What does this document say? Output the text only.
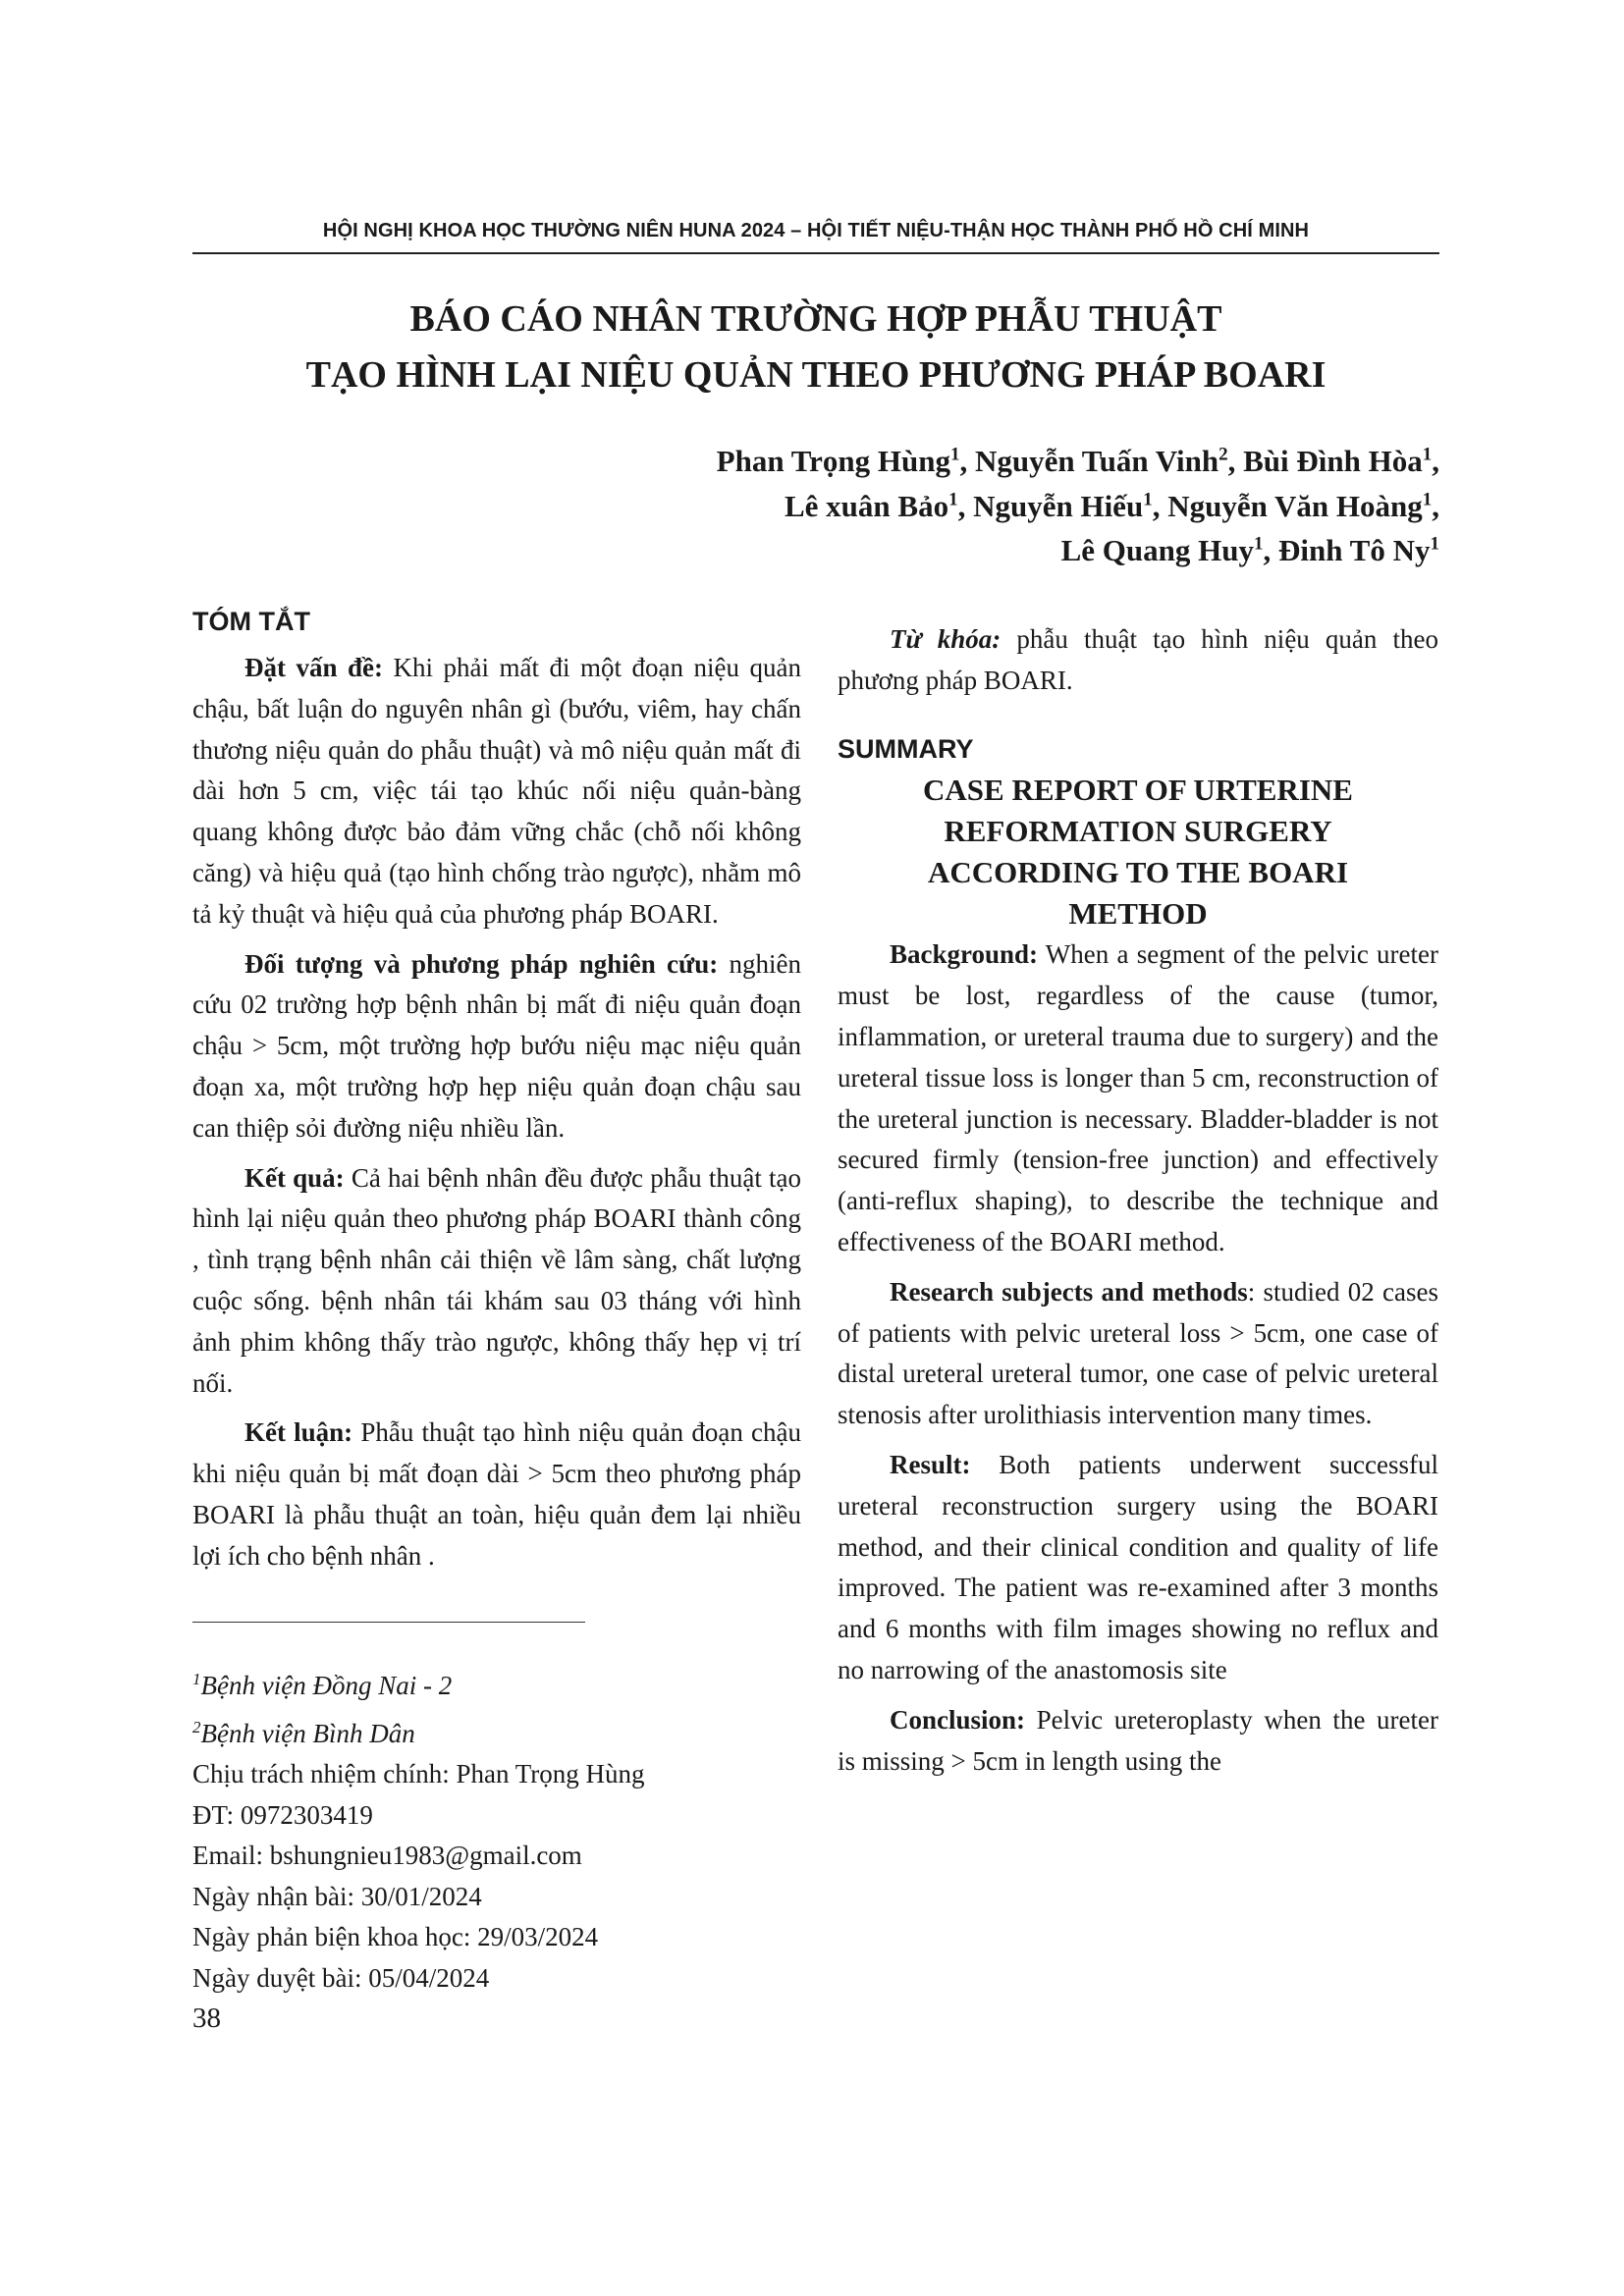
HỘI NGHỊ KHOA HỌC THƯỜNG NIÊN HUNA 2024 – HỘI TIẾT NIỆU-THẬN HỌC THÀNH PHỐ HỒ CHÍ MINH
BÁO CÁO NHÂN TRƯỜNG HỢP PHẪU THUẬT
TẠO HÌNH LẠI NIỆU QUẢN THEO PHƯƠNG PHÁP BOARI
Phan Trọng Hùng$^1$, Nguyễn Tuấn Vinh$^2$, Bùi Đình Hòa$^1$,
Lê xuân Bảo$^1$, Nguyễn Hiếu$^1$, Nguyễn Văn Hoàng$^1$,
Lê Quang Huy$^1$, Đinh Tô Ny$^1$
TÓM TẮT

Đặt vấn đề: Khi phải mất đi một đoạn niệu quản chậu, bất luận do nguyên nhân gì (bướu, viêm, hay chấn thương niệu quản do phẫu thuật) và mô niệu quản mất đi dài hơn 5 cm, việc tái tạo khúc nối niệu quản-bàng quang không được bảo đảm vững chắc (chỗ nối không căng) và hiệu quả (tạo hình chống trào ngược), nhằm mô tả kỷ thuật và hiệu quả của phương pháp BOARI.

Đối tượng và phương pháp nghiên cứu: nghiên cứu 02 trường hợp bệnh nhân bị mất đi niệu quản đoạn chậu > 5cm, một trường hợp bướu niệu mạc niệu quản đoạn xa, một trường hợp hẹp niệu quản đoạn chậu sau can thiệp sỏi đường niệu nhiều lần.

Kết quả: Cả hai bệnh nhân đều được phẫu thuật tạo hình lại niệu quản theo phương pháp BOARI thành công , tình trạng bệnh nhân cải thiện về lâm sàng, chất lượng cuộc sống. bệnh nhân tái khám sau 03 tháng với hình ảnh phim không thấy trào ngược, không thấy hẹp vị trí nối.

Kết luận: Phẫu thuật tạo hình niệu quản đoạn chậu khi niệu quản bị mất đoạn dài > 5cm theo phương pháp BOARI là phẫu thuật an toàn, hiệu quản đem lại nhiều lợi ích cho bệnh nhân .

Từ khóa: phẫu thuật tạo hình niệu quản theo phương pháp BOARI.

SUMMARY

CASE REPORT OF URTERINE

REFORMATION SURGERY

ACCORDING TO THE BOARI

METHOD

Background: When a segment of the pelvic ureter must be lost, regardless of the cause (tumor, inflammation, or ureteral trauma due to surgery) and the ureteral tissue loss is longer than 5 cm, reconstruction of the ureteral junction is necessary. Bladder-bladder is not secured firmly (tension-free junction) and effectively (anti-reflux shaping), to describe the technique and effectiveness of the BOARI method.

Research subjects and methods: studied 02 cases of patients with pelvic ureteral loss > 5cm, one case of distal ureteral ureteral tumor, one case of pelvic ureteral stenosis after urolithiasis intervention many times.

Result: Both patients underwent successful ureteral reconstruction surgery using the BOARI method, and their clinical condition and quality of life improved. The patient was re-examined after 3 months and 6 months with film images showing no reflux and no narrowing of the anastomosis site

Conclusion: Pelvic ureteroplasty when the ureter is missing > 5cm in length using the

$^1$Bệnh viện Đồng Nai - 2

$^2$Bệnh viện Bình Dân

Chịu trách nhiệm chính: Phan Trọng Hùng

ĐT: 0972303419

Email: bshungnieu1983@gmail.com

Ngày nhận bài: 30/01/2024

Ngày phản biện khoa học: 29/03/2024

Ngày duyệt bài: 05/04/2024

38
